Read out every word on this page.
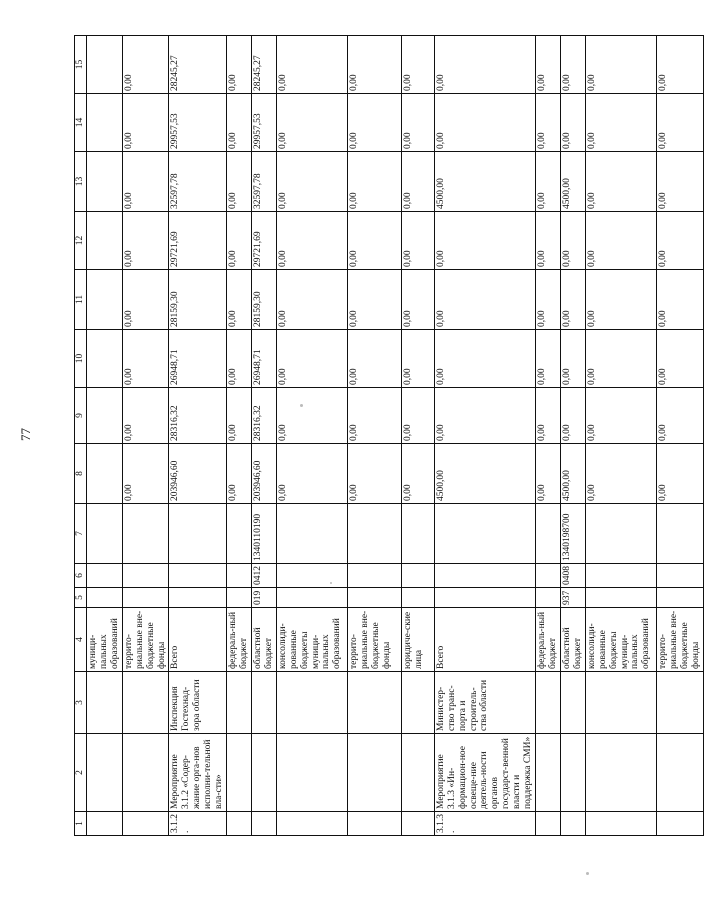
77
1	2	3	4	5	6	7	8	9	10	11	12	13	14	15
			муници-пальных образований											
			террито-риальные вне-бюджетные фонды				0,00	0,00	0,00	0,00	0,00	0,00	0,00	0,00
3.1.2.	Мероприятие 3.1.2 «Содер-жание орга-нов исполни-тельной вла-сти»	Инспекция Гостехнад-зора области	Всего				203946,60	28316,32	26948,71	28159,30	29721,69	32597,78	29957,53	28245,27
			федераль-ный бюджет				0,00	0,00	0,00	0,00	0,00	0,00	0,00	0,00
			областной бюджет	019	0412	1340110190	203946,60	28316,32	26948,71	28159,30	29721,69	32597,78	29957,53	28245,27
			консолиди-рованные бюджеты муници-пальных образований				0,00	0,00	0,00	0,00	0,00	0,00	0,00	0,00
			террито-риальные вне-бюджетные фонды				0,00	0,00	0,00	0,00	0,00	0,00	0,00	0,00
			юридиче-ские лица				0,00	0,00	0,00	0,00	0,00	0,00	0,00	0,00
3.1.3.	Мероприятие 3.1.3 «Ин-формацион-ное освеще-ние деятель-ности органов государст-венной власти и поддержка СМИ»	Министер-ство транс-порта и строитель-ства области	Всего				4500,00	0,00	0,00	0,00	0,00	4500,00	0,00	0,00
			федераль-ный бюджет				0,00	0,00	0,00	0,00	0,00	0,00	0,00	0,00
			областной бюджет	937	0408	1340198700	4500,00	0,00	0,00	0,00	0,00	4500,00	0,00	0,00
			консолиди-рованные бюджеты муници-пальных образований				0,00	0,00	0,00	0,00	0,00	0,00	0,00	0,00
			террито-риальные вне-бюджетные фонды				0,00	0,00	0,00	0,00	0,00	0,00	0,00	0,00
